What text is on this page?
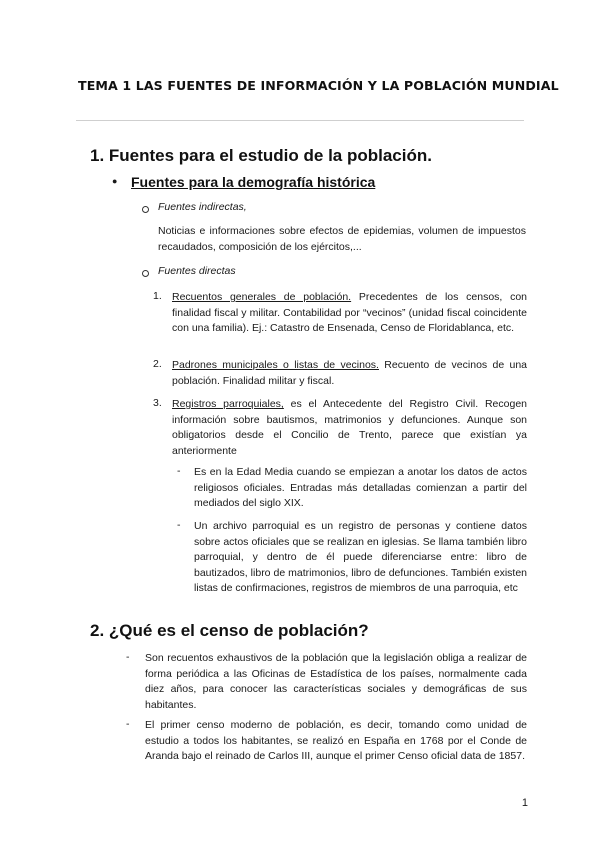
TEMA 1 LAS FUENTES DE INFORMACIÓN Y LA POBLACIÓN MUNDIAL
1. Fuentes para el estudio de la población.
● Fuentes para la demografía histórica
Fuentes indirectas,
Noticias e informaciones sobre efectos de epidemias, volumen de impuestos recaudados, composición de los ejércitos,...
Fuentes directas
1. Recuentos generales de población. Precedentes de los censos, con finalidad fiscal y militar. Contabilidad por “vecinos” (unidad fiscal coincidente con una familia). Ej.: Catastro de Ensenada, Censo de Floridablanca, etc.
2. Padrones municipales o listas de vecinos. Recuento de vecinos de una población. Finalidad militar y fiscal.
3. Registros parroquiales, es el Antecedente del Registro Civil. Recogen información sobre bautismos, matrimonios y defunciones. Aunque son obligatorios desde el Concilio de Trento, parece que existían ya anteriormente
- Es en la Edad Media cuando se empiezan a anotar los datos de actos religiosos oficiales. Entradas más detalladas comienzan a partir del mediados del siglo XIX.
- Un archivo parroquial es un registro de personas y contiene datos sobre actos oficiales que se realizan en iglesias. Se llama también libro parroquial, y dentro de él puede diferenciarse entre: libro de bautizados, libro de matrimonios, libro de defunciones. También existen listas de confirmaciones, registros de miembros de una parroquia, etc
2. ¿Qué es el censo de población?
- Son recuentos exhaustivos de la población que la legislación obliga a realizar de forma periódica a las Oficinas de Estadística de los países, normalmente cada diez años, para conocer las características sociales y demográficas de sus habitantes.
- El primer censo moderno de población, es decir, tomando como unidad de estudio a todos los habitantes, se realizó en España en 1768 por el Conde de Aranda bajo el reinado de Carlos III, aunque el primer Censo oficial data de 1857.
1
